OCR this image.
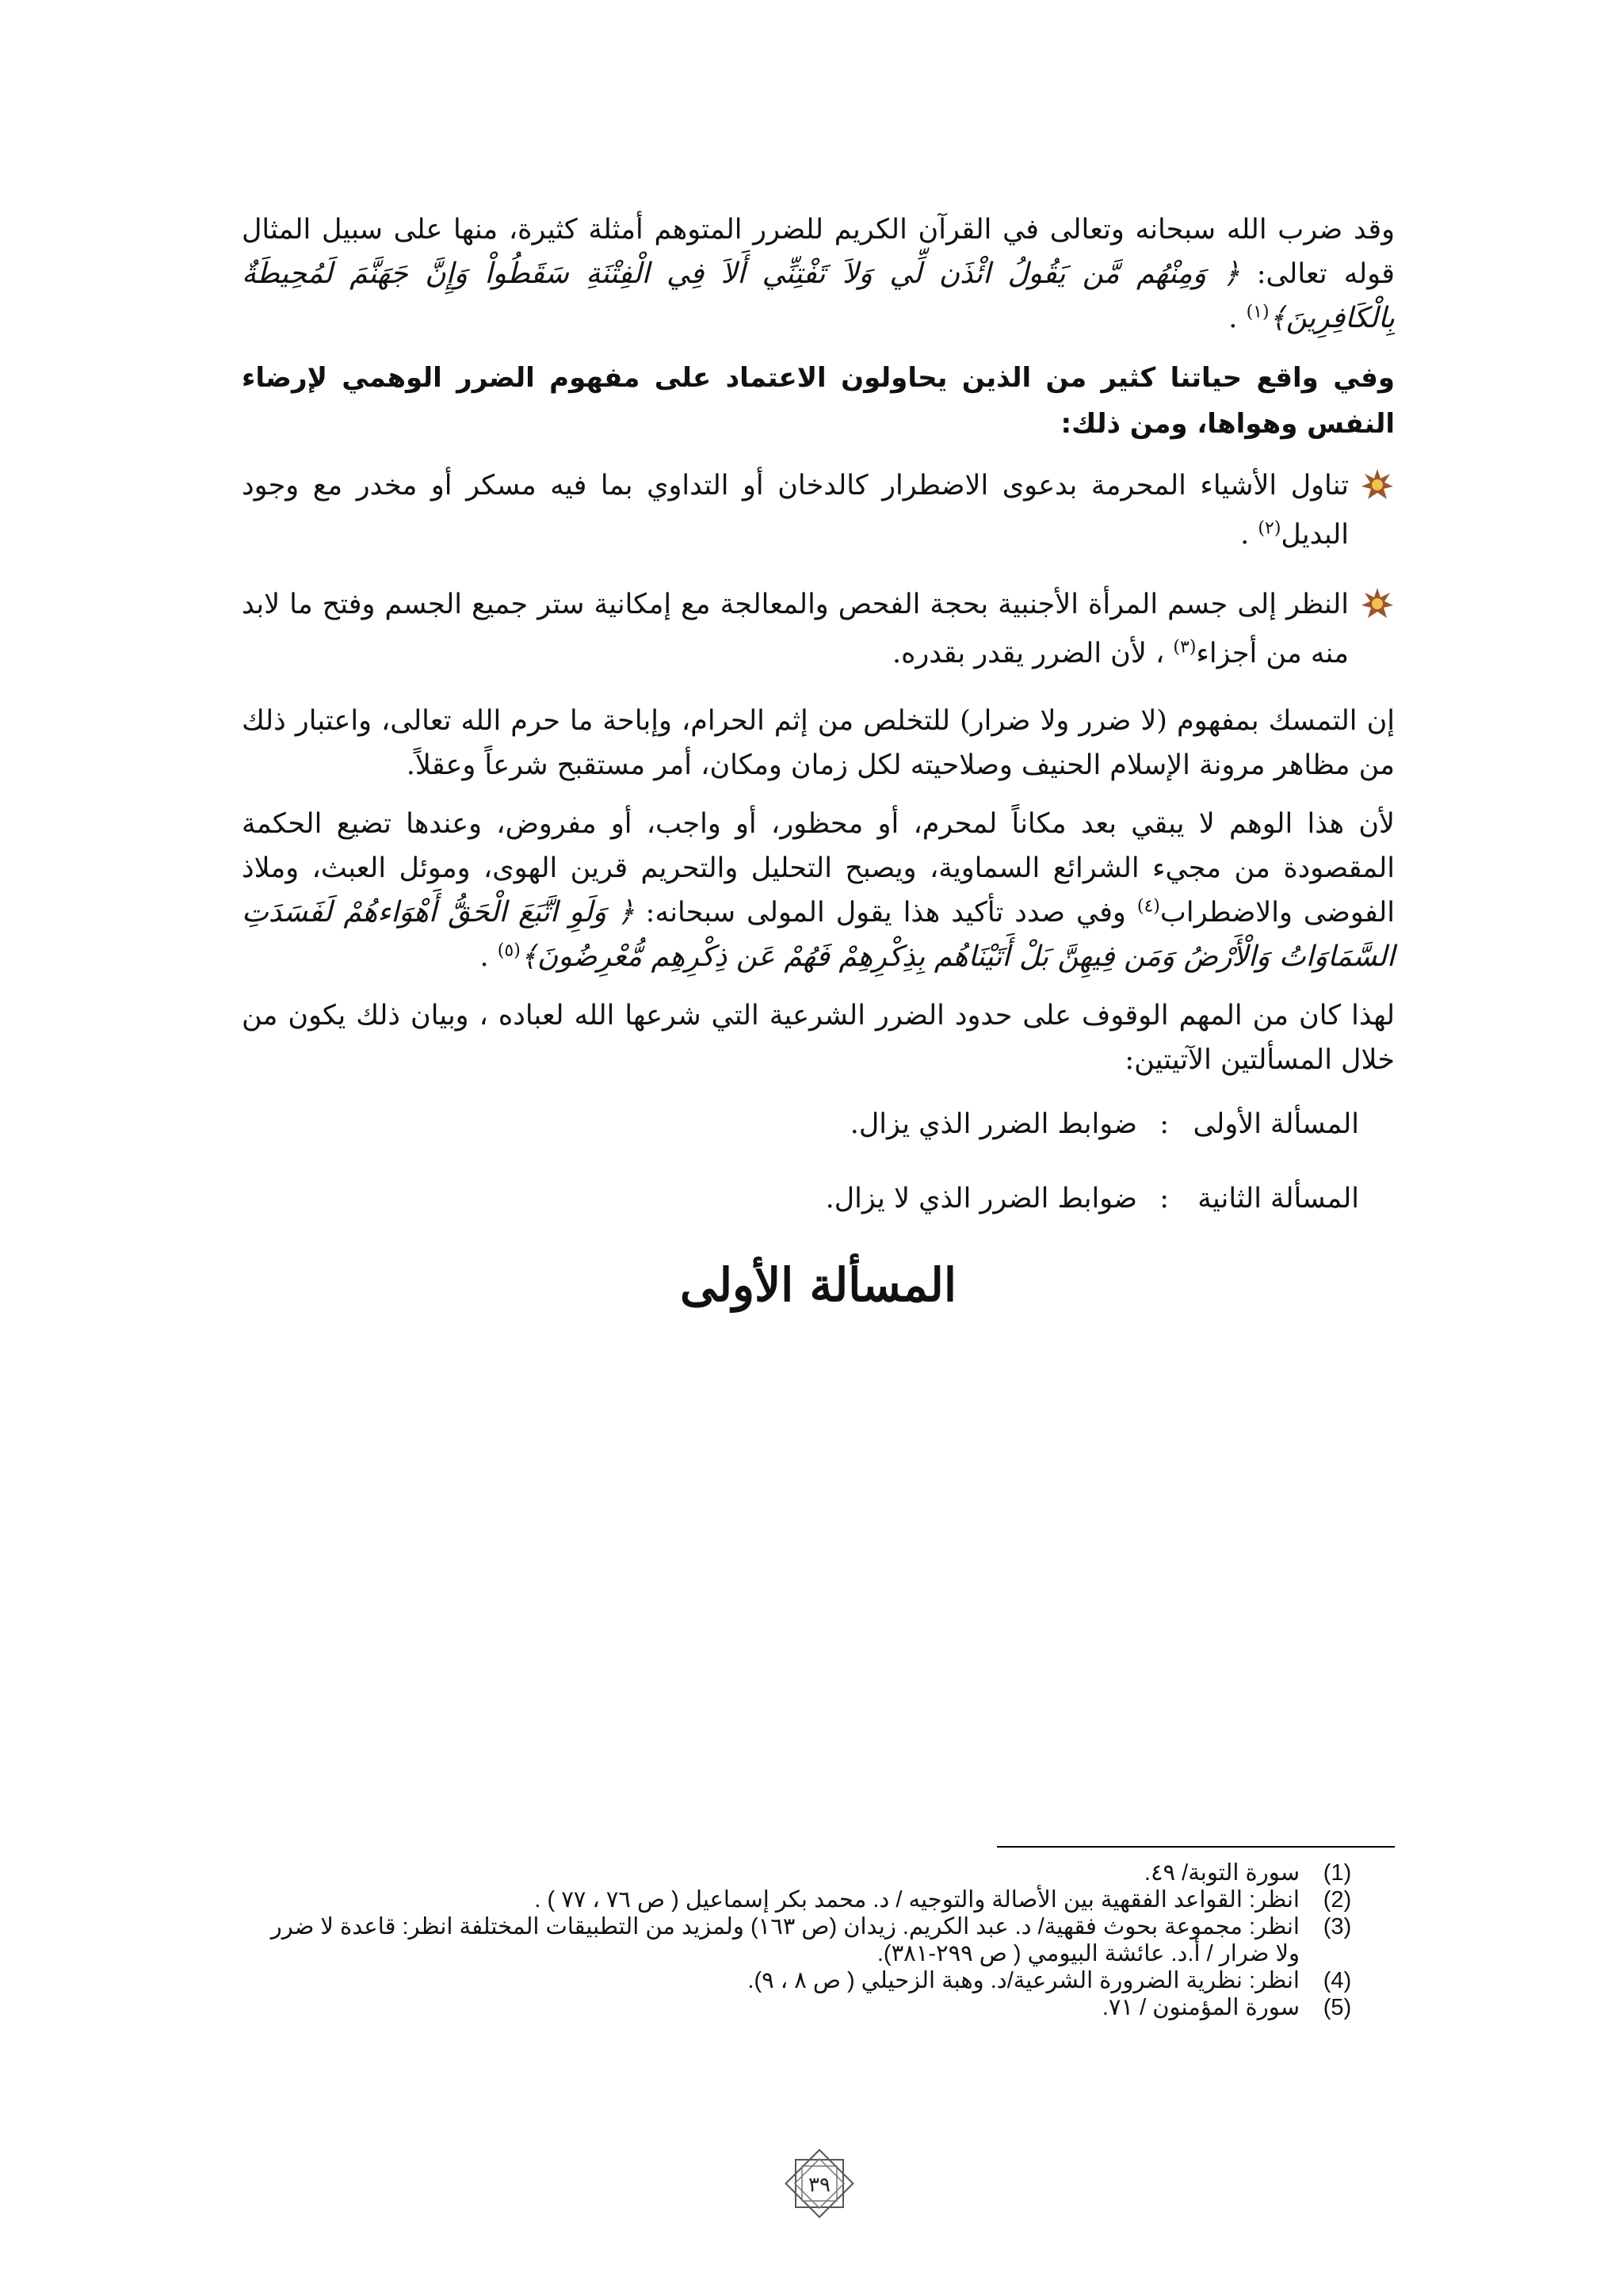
وقد ضرب الله سبحانه وتعالى في القرآن الكريم للضرر المتوهم أمثلة كثيرة، منها على سبيل المثال قوله تعالى: ﴿ وَمِنْهُم مَّن يَقُولُ ائْذَن لِّي وَلاَ تَفْتِنِّي أَلاَ فِي الْفِتْنَةِ سَقَطُواْ وَإِنَّ جَهَنَّمَ لَمُحِيطَةٌ بِالْكَافِرِينَ﴾$^{(١)}$ .

وفي واقع حياتنا كثير من الذين يحاولون الاعتماد على مفهوم الضرر الوهمي لإرضاء النفس وهواها، ومن ذلك:

تناول الأشياء المحرمة بدعوى الاضطرار كالدخان أو التداوي بما فيه مسكر أو مخدر مع وجود البديل$^{(٢)}$ .
النظر إلى جسم المرأة الأجنبية بحجة الفحص والمعالجة مع إمكانية ستر جميع الجسم وفتح ما لابد منه من أجزاء$^{(٣)}$ ، لأن الضرر يقدر بقدره.

إن التمسك بمفهوم (لا ضرر ولا ضرار) للتخلص من إثم الحرام، وإباحة ما حرم الله تعالى، واعتبار ذلك من مظاهر مرونة الإسلام الحنيف وصلاحيته لكل زمان ومكان، أمر مستقبح شرعاً وعقلاً.

لأن هذا الوهم لا يبقي بعد مكاناً لمحرم، أو محظور، أو واجب، أو مفروض، وعندها تضيع الحكمة المقصودة من مجيء الشرائع السماوية، ويصبح التحليل والتحريم قرين الهوى، وموئل العبث، وملاذ الفوضى والاضطراب$^{(٤)}$ وفي صدد تأكيد هذا يقول المولى سبحانه: ﴿ وَلَوِ اتَّبَعَ الْحَقُّ أَهْوَاءهُمْ لَفَسَدَتِ السَّمَاوَاتُ وَالْأَرْضُ وَمَن فِيهِنَّ بَلْ أَتَيْنَاهُم بِذِكْرِهِمْ فَهُمْ عَن ذِكْرِهِم مُّعْرِضُونَ﴾$^{(٥)}$ .

لهذا كان من المهم الوقوف على حدود الضرر الشرعية التي شرعها الله لعباده ، وبيان ذلك يكون من خلال المسألتين الآتيتين:

المسألة الأولى
:
ضوابط الضرر الذي يزال.
المسألة الثانية
:
ضوابط الضرر الذي لا يزال.
المسألة الأولى
(1)
سورة التوبة/ ٤٩.
(2)
انظر: القواعد الفقهية بين الأصالة والتوجيه / د. محمد بكر إسماعيل ( ص ٧٦ ، ٧٧ ) .
(3)
انظر: مجموعة بحوث فقهية/ د. عبد الكريم. زيدان (ص ١٦٣) ولمزيد من التطبيقات المختلفة انظر: قاعدة لا ضرر ولا ضرار / أ.د. عائشة البيومي ( ص ٢٩٩-٣٨١).
(4)
انظر: نظرية الضرورة الشرعية/د. وهبة الزحيلي ( ص ٨ ، ٩).
(5)
سورة المؤمنون / ٧١.
٣٩
